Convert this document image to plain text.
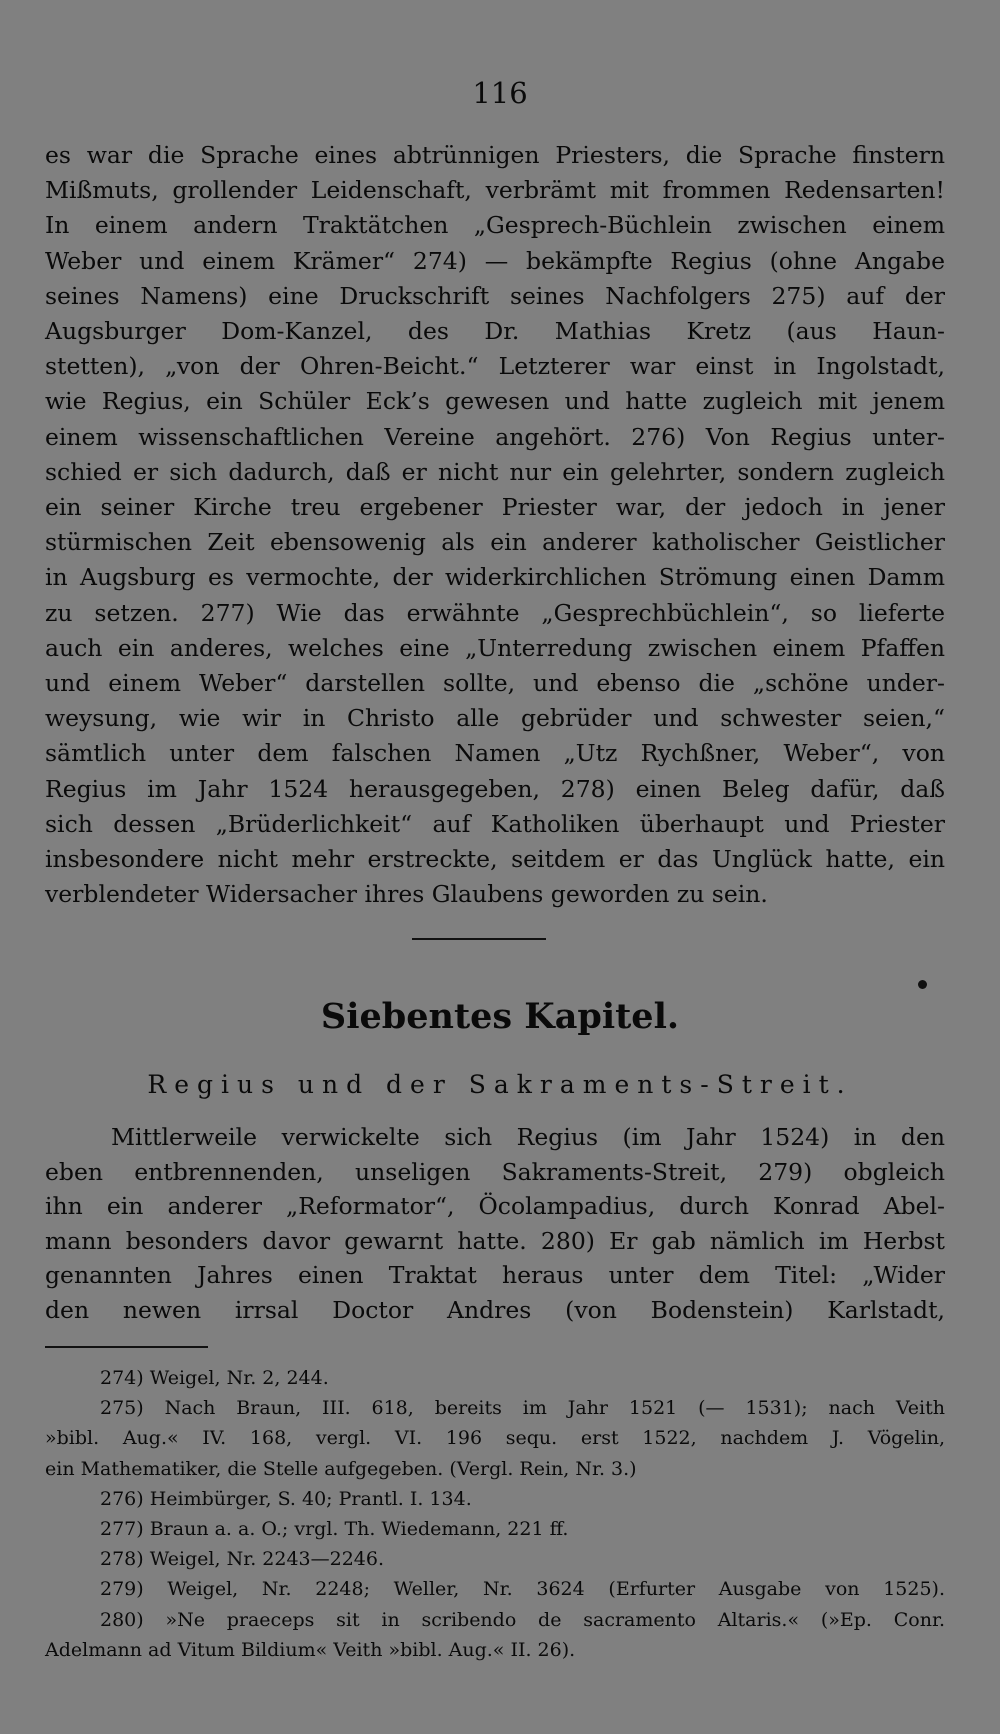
116
es war die Sprache eines abtrünnigen Priesters, die Sprache finstern
Mißmuts, grollender Leidenschaft, verbrämt mit frommen Redensarten!
In einem andern Traktätchen „Gesprech-Büchlein zwischen einem
Weber und einem Krämer“ 274) — bekämpfte Regius (ohne Angabe
seines Namens) eine Druckschrift seines Nachfolgers 275) auf der
Augsburger Dom-Kanzel, des Dr. Mathias Kretz (aus Haun-
stetten), „von der Ohren-Beicht.“ Letzterer war einst in Ingolstadt,
wie Regius, ein Schüler Eck’s gewesen und hatte zugleich mit jenem
einem wissenschaftlichen Vereine angehört. 276) Von Regius unter-
schied er sich dadurch, daß er nicht nur ein gelehrter, sondern zugleich
ein seiner Kirche treu ergebener Priester war, der jedoch in jener
stürmischen Zeit ebensowenig als ein anderer katholischer Geistlicher
in Augsburg es vermochte, der widerkirchlichen Strömung einen Damm
zu setzen. 277) Wie das erwähnte „Gesprechbüchlein“, so lieferte
auch ein anderes, welches eine „Unterredung zwischen einem Pfaffen
und einem Weber“ darstellen sollte, und ebenso die „schöne under-
weysung, wie wir in Christo alle gebrüder und schwester seien,“
sämtlich unter dem falschen Namen „Utz Rychßner, Weber“, von
Regius im Jahr 1524 herausgegeben, 278) einen Beleg dafür, daß
sich dessen „Brüderlichkeit“ auf Katholiken überhaupt und Priester
insbesondere nicht mehr erstreckte, seitdem er das Unglück hatte, ein
verblendeter Widersacher ihres Glaubens geworden zu sein.
Siebentes Kapitel.
Regius und der Sakraments-Streit.
Mittlerweile verwickelte sich Regius (im Jahr 1524) in den
eben entbrennenden, unseligen Sakraments-Streit, 279) obgleich
ihn ein anderer „Reformator“, Öcolampadius, durch Konrad Abel-
mann besonders davor gewarnt hatte. 280) Er gab nämlich im Herbst
genannten Jahres einen Traktat heraus unter dem Titel: „Wider
den newen irrsal Doctor Andres (von Bodenstein) Karlstadt,
274) Weigel, Nr. 2, 244.
275) Nach Braun, III. 618, bereits im Jahr 1521 (— 1531); nach Veith
»bibl. Aug.« IV. 168, vergl. VI. 196 sequ. erst 1522, nachdem J. Vögelin,
ein Mathematiker, die Stelle aufgegeben. (Vergl. Rein, Nr. 3.)
276) Heimbürger, S. 40; Prantl. I. 134.
277) Braun a. a. O.; vrgl. Th. Wiedemann, 221 ff.
278) Weigel, Nr. 2243—2246.
279) Weigel, Nr. 2248; Weller, Nr. 3624 (Erfurter Ausgabe von 1525).
280) »Ne praeceps sit in scribendo de sacramento Altaris.« (»Ep. Conr.
Adelmann ad Vitum Bildium« Veith »bibl. Aug.« II. 26).
